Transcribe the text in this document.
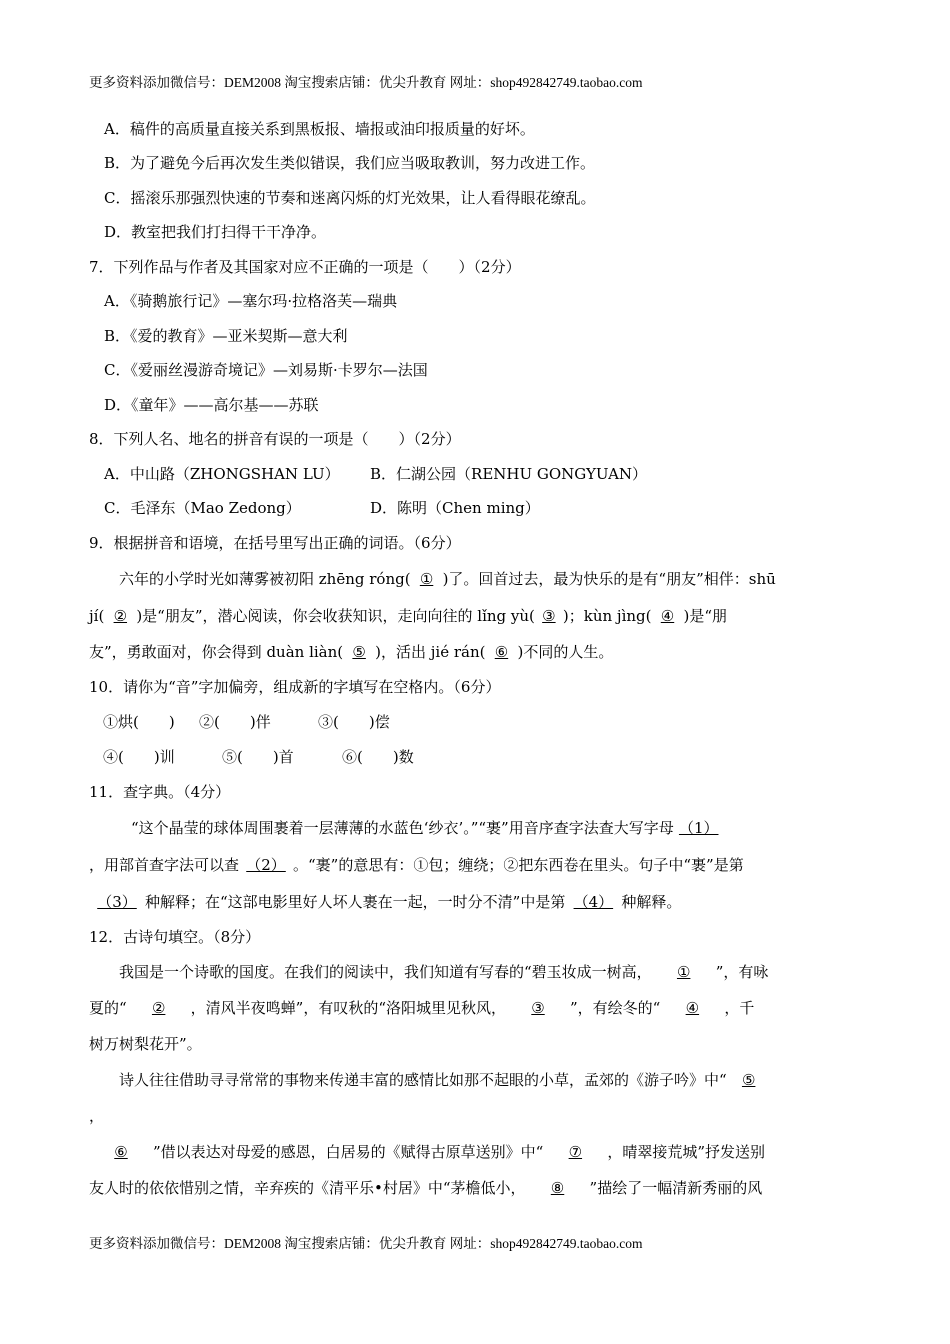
更多资料添加微信号：DEM2008 淘宝搜索店铺：优尖升教育 网址：shop492842749.taobao.com
A．稿件的高质量直接关系到黑板报、墙报或油印报质量的好坏。
B．为了避免今后再次发生类似错误，我们应当吸取教训，努力改进工作。
C．摇滚乐那强烈快速的节奏和迷离闪烁的灯光效果，让人看得眼花缭乱。
D．教室把我们打扫得干干净净。
7．下列作品与作者及其国家对应不正确的一项是（　　）（2分）
A．《骑鹅旅行记》—塞尔玛·拉格洛芙—瑞典
B．《爱的教育》—亚米契斯—意大利
C．《爱丽丝漫游奇境记》—刘易斯·卡罗尔—法国
D．《童年》——高尔基——苏联
8．下列人名、地名的拼音有误的一项是（　　）（2分）
A．中山路（ZHONGSHAN LU） B．仁湖公园（RENHU GONGYUAN）
C．毛泽东（Mao Zedong）	D．陈明（Chen ming）
9．根据拼音和语境，在括号里写出正确的词语。（6分）
六年的小学时光如薄雾被初阳 zhēng róng( ① )了。回首过去，最为快乐的是有“朋友”相伴：shū
jí( ② )是“朋友”，潜心阅读，你会收获知识，走向向往的 lǐng yù( ③ )；kùn jìng( ④ )是“朋
友”，勇敢面对，你会得到 duàn liàn( ⑤ )，活出 jié rán( ⑥ )不同的人生。
10．请你为“音”字加偏旁，组成新的字填写在空格内。（6分）
①烘(　　) ②(　　)伴	③(　　)偿
④(　　)训	⑤(　　)首	⑥(　　)数
11．查字典。（4分）
“这个晶莹的球体周围裹着一层薄薄的水蓝色‘纱衣’。”“裹”用音序查字法查大写字母 （1）
，用部首查字法可以查 （2） 。“裹”的意思有：①包；缠绕；②把东西卷在里头。句子中“裹”是第
（3） 种解释；在“这部电影里好人坏人裹在一起，一时分不清”中是第 （4） 种解释。
12．古诗句填空。（8分）
我国是一个诗歌的国度。在我们的阅读中，我们知道有写春的“碧玉妆成一树高， ① ”，有咏
夏的“ ② ，清风半夜鸣蝉”，有叹秋的“洛阳城里见秋风， ③ ”，有绘冬的“ ④ ，千
树万树梨花开”。
诗人往往借助寻寻常常的事物来传递丰富的感情比如那不起眼的小草，孟郊的《游子吟》中“ ⑤
，
⑥ ”借以表达对母爱的感恩，白居易的《赋得古原草送别》中“ ⑦ ，晴翠接荒城”抒发送别
友人时的依依惜别之情，辛弃疾的《清平乐•村居》中“茅檐低小， ⑧ ”描绘了一幅清新秀丽的风
更多资料添加微信号：DEM2008 淘宝搜索店铺：优尖升教育 网址：shop492842749.taobao.com
